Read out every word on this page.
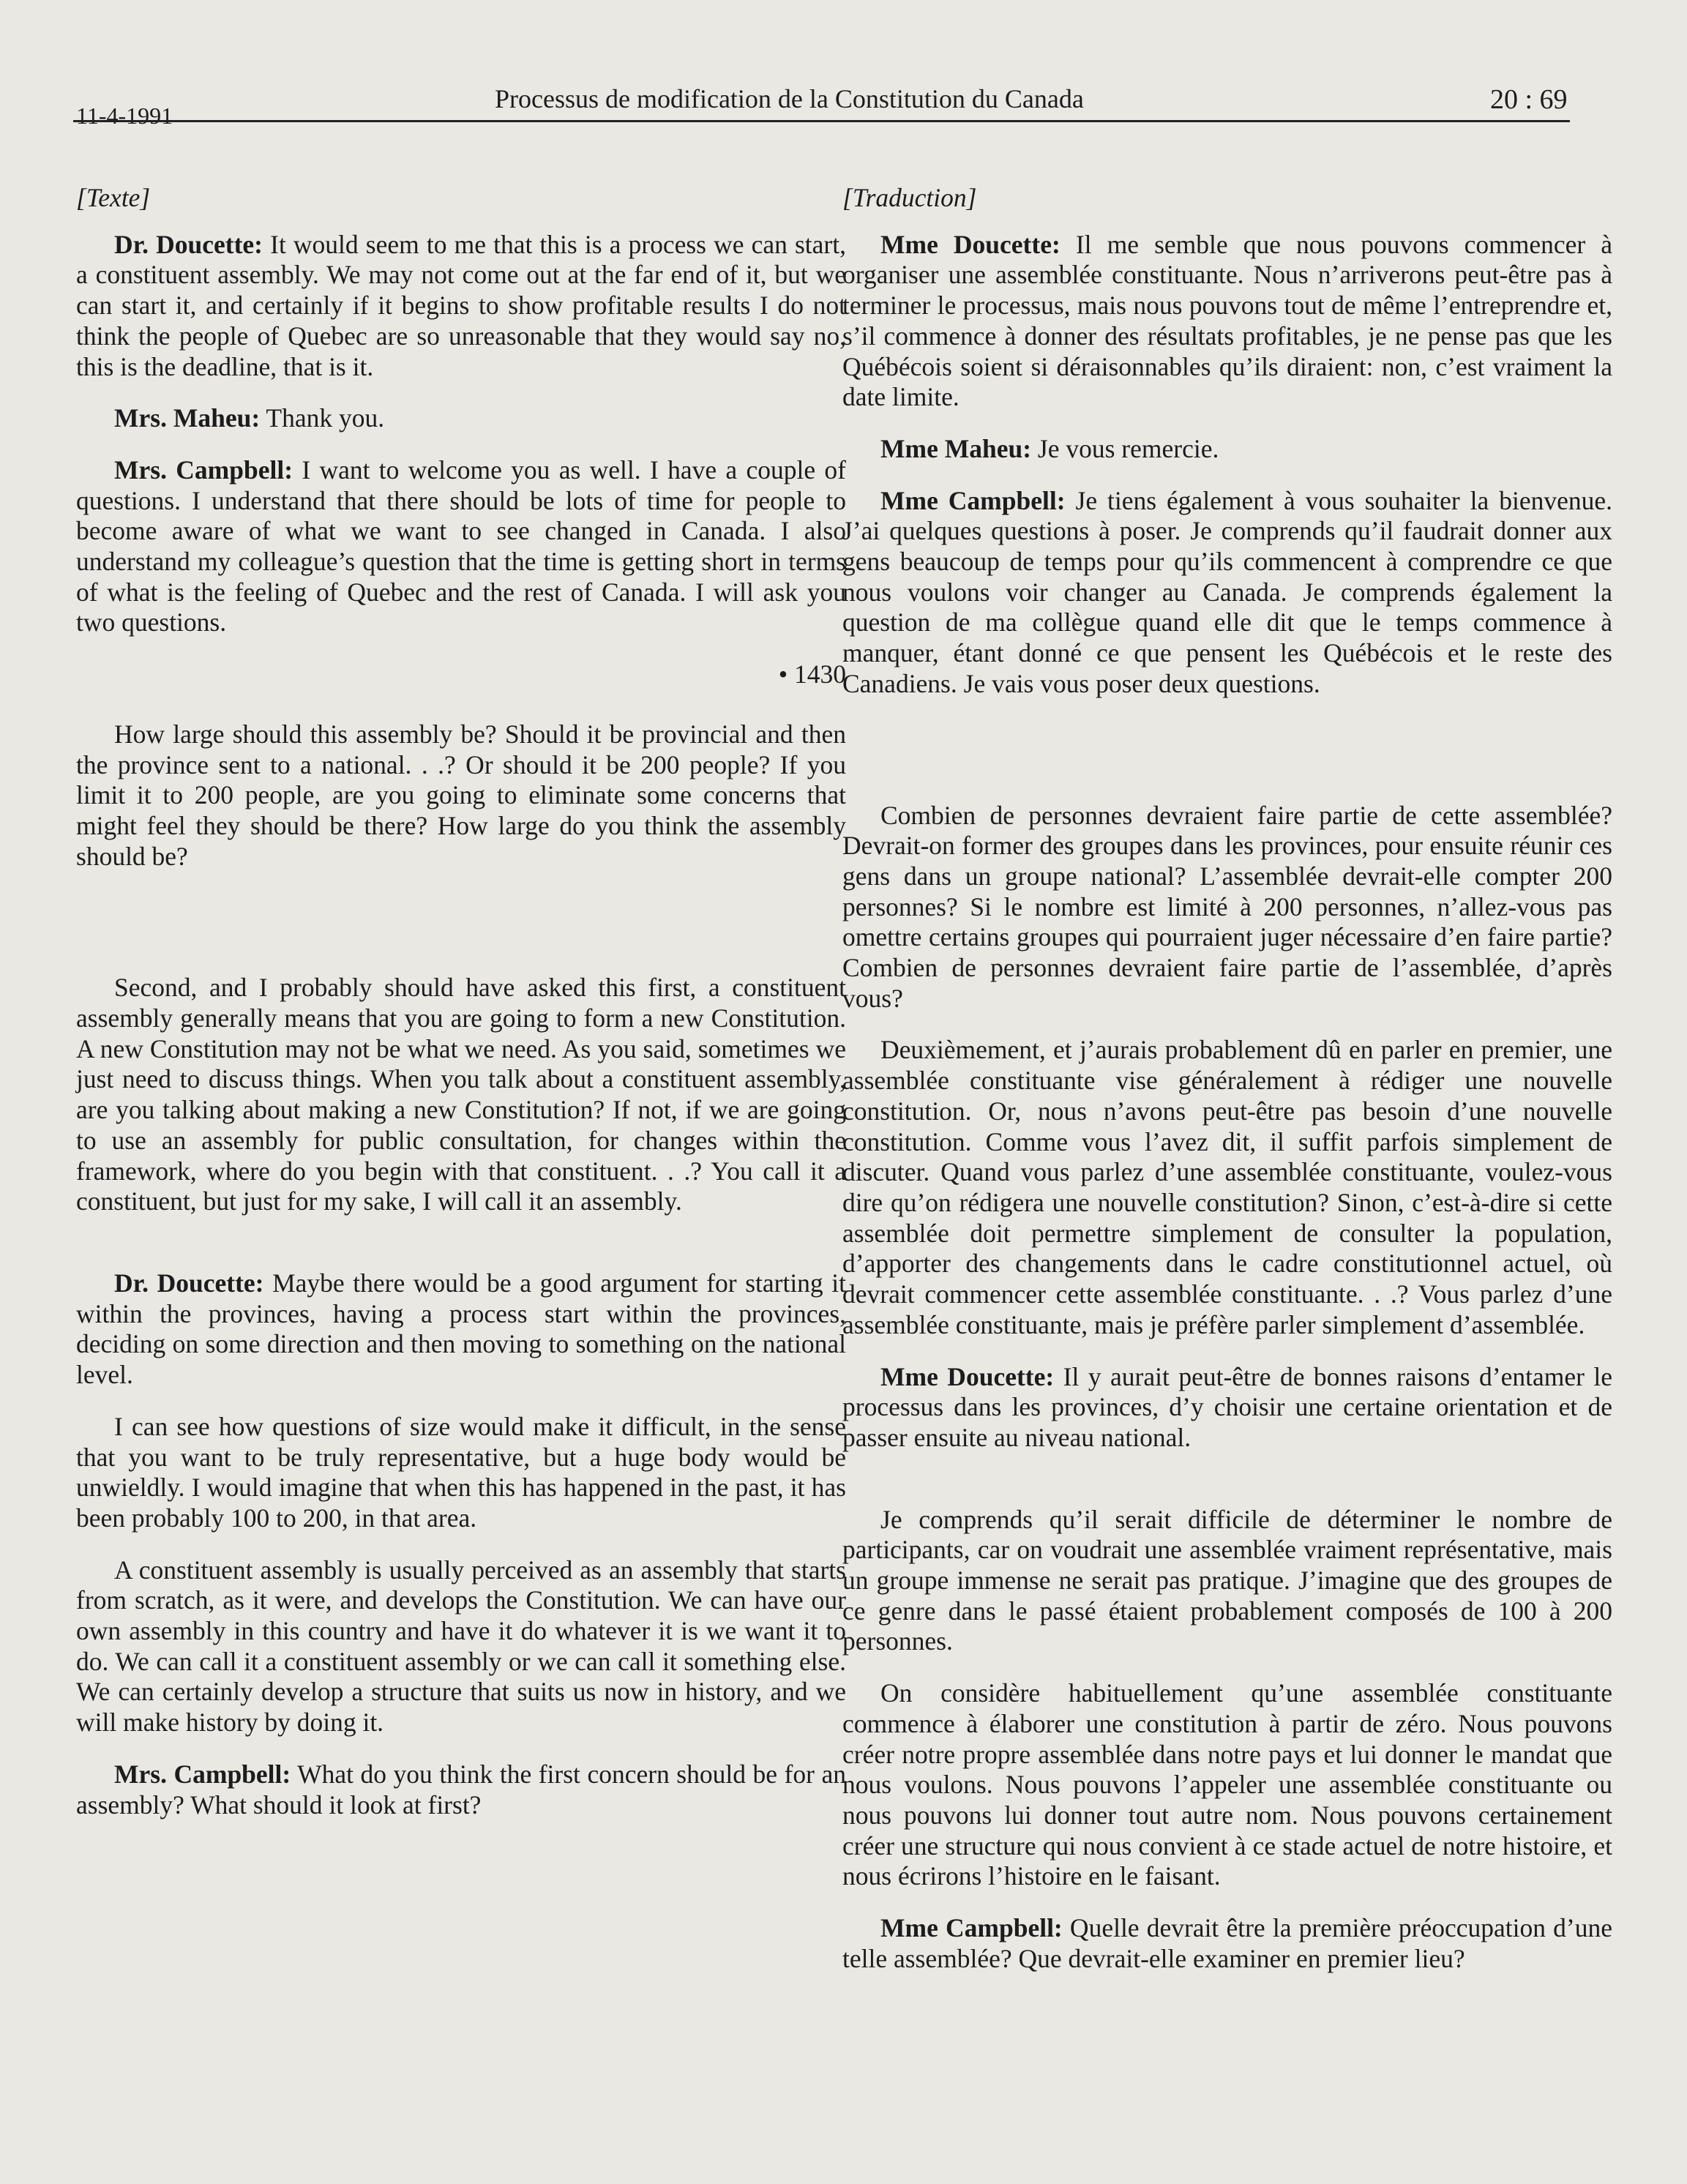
11-4-1991
Processus de modification de la Constitution du Canada	20 : 69

[Texte]

Dr. Doucette: It would seem to me that this is a process we can start, a constituent assembly. We may not come out at the far end of it, but we can start it, and certainly if it begins to show profitable results I do not think the people of Quebec are so unreasonable that they would say no, this is the deadline, that is it.

Mrs. Maheu: Thank you.

Mrs. Campbell: I want to welcome you as well. I have a couple of questions. I understand that there should be lots of time for people to become aware of what we want to see changed in Canada. I also understand my colleague’s question that the time is getting short in terms of what is the feeling of Quebec and the rest of Canada. I will ask you two questions.

• 1430

How large should this assembly be? Should it be provincial and then the province sent to a national. . .? Or should it be 200 people? If you limit it to 200 people, are you going to eliminate some concerns that might feel they should be there? How large do you think the assembly should be?

Second, and I probably should have asked this first, a constituent assembly generally means that you are going to form a new Constitution. A new Constitution may not be what we need. As you said, sometimes we just need to discuss things. When you talk about a constituent assembly, are you talking about making a new Constitution? If not, if we are going to use an assembly for public consultation, for changes within the framework, where do you begin with that constituent. . .? You call it a constituent, but just for my sake, I will call it an assembly.

Dr. Doucette: Maybe there would be a good argument for starting it within the provinces, having a process start within the provinces, deciding on some direction and then moving to something on the national level.

I can see how questions of size would make it difficult, in the sense that you want to be truly representative, but a huge body would be unwieldly. I would imagine that when this has happened in the past, it has been probably 100 to 200, in that area.

A constituent assembly is usually perceived as an assembly that starts from scratch, as it were, and develops the Constitution. We can have our own assembly in this country and have it do whatever it is we want it to do. We can call it a constituent assembly or we can call it something else. We can certainly develop a structure that suits us now in history, and we will make history by doing it.

Mrs. Campbell: What do you think the first concern should be for an assembly? What should it look at first?

[Traduction]

Mme Doucette: Il me semble que nous pouvons commencer à organiser une assemblée constituante. Nous n’arriverons peut-être pas à terminer le processus, mais nous pouvons tout de même l’entreprendre et, s’il commence à donner des résultats profitables, je ne pense pas que les Québécois soient si déraisonnables qu’ils diraient: non, c’est vraiment la date limite.

Mme Maheu: Je vous remercie.

Mme Campbell: Je tiens également à vous souhaiter la bienvenue. J’ai quelques questions à poser. Je comprends qu’il faudrait donner aux gens beaucoup de temps pour qu’ils commencent à comprendre ce que nous voulons voir changer au Canada. Je comprends également la question de ma collègue quand elle dit que le temps commence à manquer, étant donné ce que pensent les Québécois et le reste des Canadiens. Je vais vous poser deux questions.

Combien de personnes devraient faire partie de cette assemblée? Devrait-on former des groupes dans les provinces, pour ensuite réunir ces gens dans un groupe national? L’assemblée devrait-elle compter 200 personnes? Si le nombre est limité à 200 personnes, n’allez-vous pas omettre certains groupes qui pourraient juger nécessaire d’en faire partie? Combien de personnes devraient faire partie de l’assemblée, d’après vous?

Deuxièmement, et j’aurais probablement dû en parler en premier, une assemblée constituante vise généralement à rédiger une nouvelle constitution. Or, nous n’avons peut-être pas besoin d’une nouvelle constitution. Comme vous l’avez dit, il suffit parfois simplement de discuter. Quand vous parlez d’une assemblée constituante, voulez-vous dire qu’on rédigera une nouvelle constitution? Sinon, c’est-à-dire si cette assemblée doit permettre simplement de consulter la population, d’apporter des changements dans le cadre constitutionnel actuel, où devrait commencer cette assemblée constituante. . .? Vous parlez d’une assemblée constituante, mais je préfère parler simplement d’assemblée.

Mme Doucette: Il y aurait peut-être de bonnes raisons d’entamer le processus dans les provinces, d’y choisir une certaine orientation et de passer ensuite au niveau national.

Je comprends qu’il serait difficile de déterminer le nombre de participants, car on voudrait une assemblée vraiment représentative, mais un groupe immense ne serait pas pratique. J’imagine que des groupes de ce genre dans le passé étaient probablement composés de 100 à 200 personnes.

On considère habituellement qu’une assemblée constituante commence à élaborer une constitution à partir de zéro. Nous pouvons créer notre propre assemblée dans notre pays et lui donner le mandat que nous voulons. Nous pouvons l’appeler une assemblée constituante ou nous pouvons lui donner tout autre nom. Nous pouvons certainement créer une structure qui nous convient à ce stade actuel de notre histoire, et nous écrirons l’histoire en le faisant.

Mme Campbell: Quelle devrait être la première préoccupation d’une telle assemblée? Que devrait-elle examiner en premier lieu?
